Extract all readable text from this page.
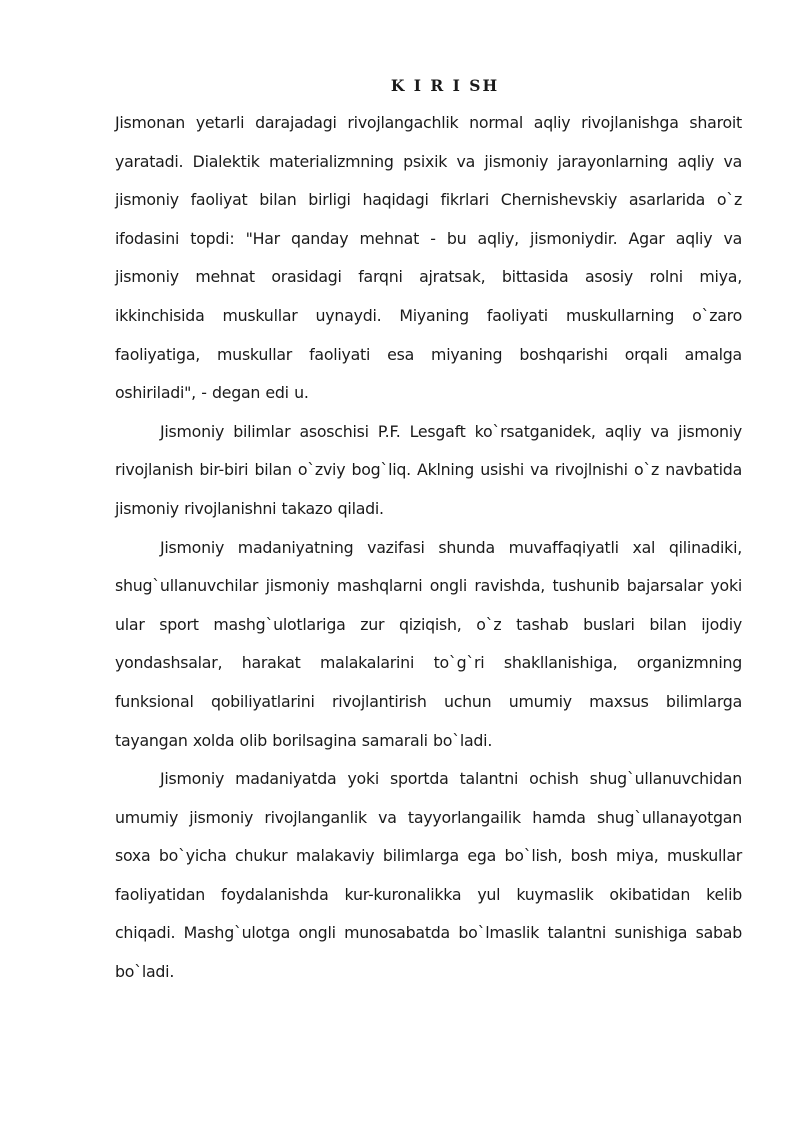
K I R I SH

Jismonan yetarli darajadagi rivojlangachlik normal aqliy rivojlanishga sharoit yaratadi. Dialektik materializmning psixik va jismoniy jarayonlarning aqliy va jismoniy faoliyat bilan birligi haqidagi fikrlari Chernishevskiy asarlarida o`z ifodasini topdi: "Har qanday mehnat - bu aqliy, jismoniydir. Agar aqliy va jismoniy mehnat orasidagi farqni ajratsak, bittasida asosiy rolni miya, ikkinchisida muskullar uynaydi. Miyaning faoliyati muskullarning o`zaro faoliyatiga, muskullar faoliyati esa miyaning boshqarishi orqali amalga oshiriladi", - degan edi u.

Jismoniy bilimlar asoschisi P.F. Lesgaft ko`rsatganidek, aqliy va jismoniy rivojlanish bir-biri bilan o`zviy bog`liq. Aklning usishi va rivojlnishi o`z navbatida jismoniy rivojlanishni takazo qiladi.

Jismoniy madaniyatning vazifasi shunda muvaffaqiyatli xal qilinadiki, shug`ullanuvchilar jismoniy mashqlarni ongli ravishda, tushunib bajarsalar yoki ular sport mashg`ulotlariga zur qiziqish, o`z tashab buslari bilan ijodiy yondashsalar, harakat malakalarini to`g`ri shakllanishiga, organizmning funksional qobiliyatlarini rivojlantirish uchun umumiy maxsus bilimlarga tayangan xolda olib borilsagina samarali bo`ladi.

Jismoniy madaniyatda yoki sportda talantni ochish shug`ullanuvchidan umumiy jismoniy rivojlanganlik va tayyorlangailik hamda shug`ullanayotgan soxa bo`yicha chukur malakaviy bilimlarga ega bo`lish, bosh miya, muskullar faoliyatidan foydalanishda kur-kuronalikka yul kuymaslik okibatidan kelib chiqadi. Mashg`ulotga ongli munosabatda bo`lmaslik talantni sunishiga sabab bo`ladi.
